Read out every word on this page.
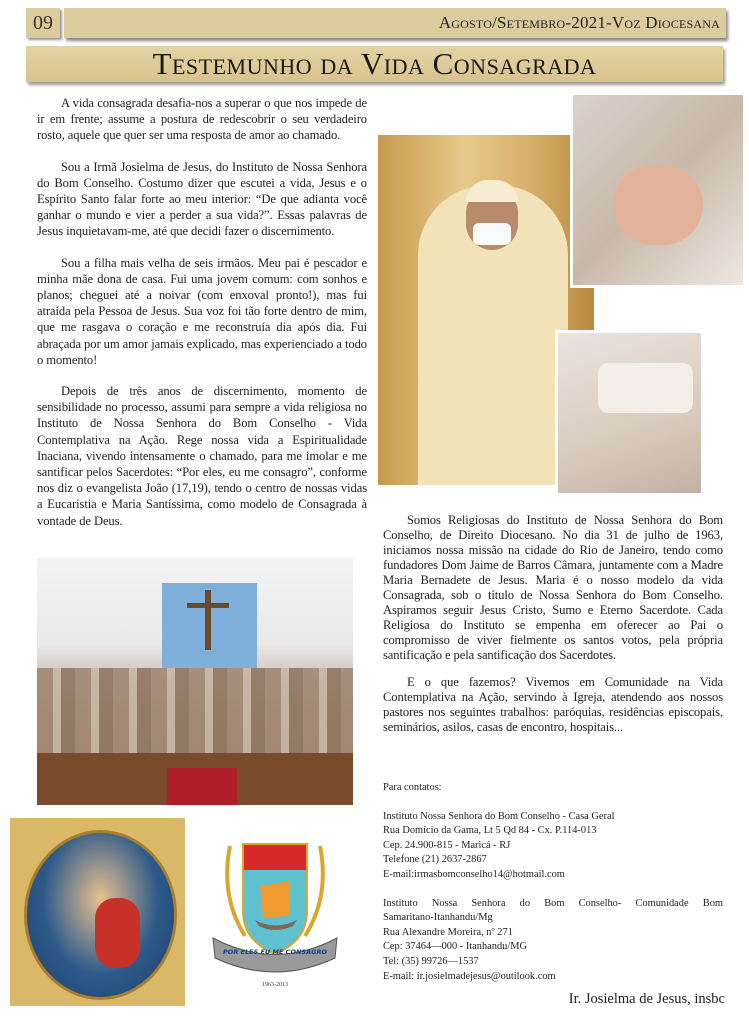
09	Agosto/Setembro-2021-Voz Diocesana
Testemunho da Vida Consagrada

A vida consagrada desafia-nos a superar o que nos impede de ir em frente; assume a postura de redescobrir o seu verdadeiro rosto, aquele que quer ser uma resposta de amor ao chamado.

Sou a Irmã Josielma de Jesus, do Instituto de Nossa Senhora do Bom Conselho. Costumo dizer que escutei a vida, Jesus e o Espírito Santo falar forte ao meu interior: “De que adianta você ganhar o mundo e vier a perder a sua vida?”. Essas palavras de Jesus inquietavam-me, até que decidi fazer o discernimento.

Sou a filha mais velha de seis irmãos. Meu pai é pescador e minha mãe dona de casa. Fui uma jovem comum: com sonhos e planos; cheguei até a noivar (com enxoval pronto!), mas fui atraída pela Pessoa de Jesus. Sua voz foi tão forte dentro de mim, que me rasgava o coração e me reconstruía dia após dia. Fui abraçada por um amor jamais explicado, mas experienciado a todo o momento!

Depois de três anos de discernimento, momento de sensibilidade no processo, assumi para sempre a vida religiosa no Instituto de Nossa Senhora do Bom Conselho - Vida Contemplativa na Ação. Rege nossa vida a Espiritualidade Inaciana, vivendo intensamente o chamado, para me imolar e me santificar pelos Sacerdotes: “Por eles, eu me consagro”, conforme nos diz o evangelista João (17,19), tendo o centro de nossas vidas a Eucaristia e Maria Santíssima, como modelo de Consagrada à vontade de Deus.	Somos Religiosas do Instituto de Nossa Senhora do Bom Conselho, de Direito Diocesano. No dia 31 de julho de 1963, iniciamos nossa missão na cidade do Rio de Janeiro, tendo como fundadores Dom Jaime de Barros Câmara, juntamente com a Madre Maria Bernadete de Jesus. Maria é o nosso modelo da vida Consagrada, sob o título de Nossa Senhora do Bom Conselho. Aspiramos seguir Jesus Cristo, Sumo e Eterno Sacerdote. Cada Religiosa do Instituto se empenha em oferecer ao Pai o compromisso de viver fielmente os santos votos, pela própria santificação e pela santificação dos Sacerdotes.

E o que fazemos? Vivemos em Comunidade na Vida Contemplativa na Ação, servindo à Igreja, atendendo aos nossos pastores nos seguintes trabalhos: paróquias, residências episcopais, seminários, asilos, casas de encontro, hospitais...

Para contatos:
Instituto Nossa Senhora do Bom Conselho - Casa Geral
Rua Domício da Gama, Lt 5 Qd 84 - Cx. P.114-013
Cep. 24.900-815 - Maricá - RJ
Telefone (21) 2637-2867
E-mail:irmasbomconselho14@hotmail.com
Instituto Nossa Senhora do Bom Conselho- Comunidade Bom
Samaritano-Itanhandu/Mg
Rua Alexandre Moreira, nº 271
Cep: 37464—000 - Itanhandu/MG
Tel: (35) 99726—1537
E-mail: ir.josielmadejesus@outilook.com
Ir. Josielma de Jesus, insbc
POR ELES EU ME CONSAGRO
1963-2013
